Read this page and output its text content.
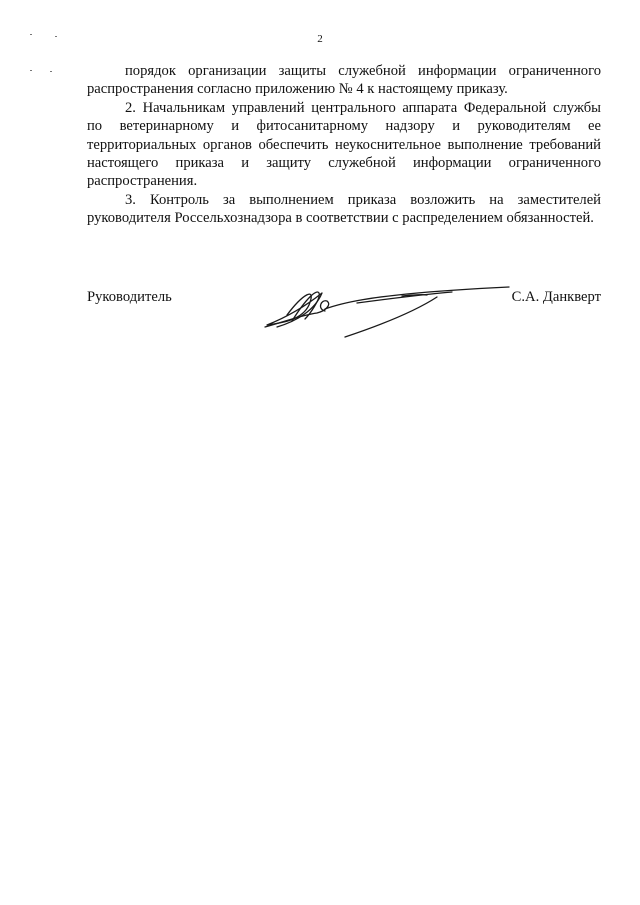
2

порядок организации защиты служебной информации ограниченного распространения согласно приложению № 4 к настоящему приказу.

2. Начальникам управлений центрального аппарата Федеральной службы по ветеринарному и фитосанитарному надзору и руководителям ее территориальных органов обеспечить неукоснительное выполнение требований настоящего приказа и защиту служебной информации ограниченного распространения.

3. Контроль за выполнением приказа возложить на заместителей руководителя Россельхознадзора в соответствии с распределением обязанностей.

Руководитель	С.А. Данкверт
